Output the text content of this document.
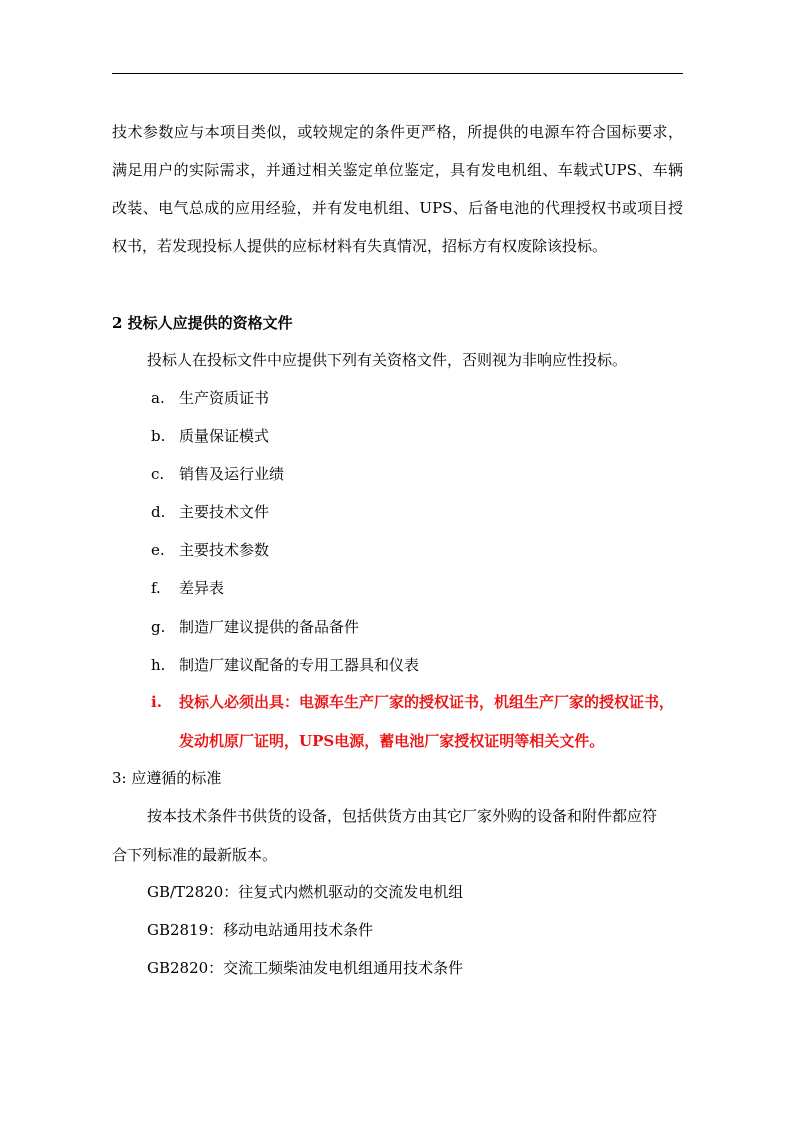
技术参数应与本项目类似，或较规定的条件更严格，所提供的电源车符合国标要求，
满足用户的实际需求，并通过相关鉴定单位鉴定，具有发电机组、车载式UPS、车辆
改装、电气总成的应用经验，并有发电机组、UPS、后备电池的代理授权书或项目授
权书，若发现投标人提供的应标材料有失真情况，招标方有权废除该投标。
2 投标人应提供的资格文件
投标人在投标文件中应提供下列有关资格文件，否则视为非响应性投标。
a. 生产资质证书
b. 质量保证模式
c. 销售及运行业绩
d. 主要技术文件
e. 主要技术参数
f. 差异表
g. 制造厂建议提供的备品备件
h. 制造厂建议配备的专用工器具和仪表
i. 投标人必须出具：电源车生产厂家的授权证书，机组生产厂家的授权证书，
发动机原厂证明，UPS电源，蓄电池厂家授权证明等相关文件。
3: 应遵循的标准
按本技术条件书供货的设备，包括供货方由其它厂家外购的设备和附件都应符
合下列标准的最新版本。
GB/T2820：往复式内燃机驱动的交流发电机组
GB2819：移动电站通用技术条件
GB2820：交流工频柴油发电机组通用技术条件
